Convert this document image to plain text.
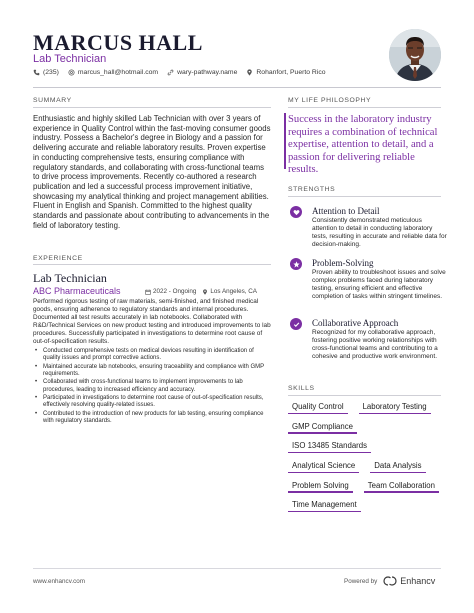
MARCUS HALL
Lab Technician
(235)	marcus_hall@hotmail.com	wary-pathway.name	Rohanfort, Puerto Rico
SUMMARY
Enthusiastic and highly skilled Lab Technician with over 3 years of experience in Quality Control within the fast-moving consumer goods industry. Possess a Bachelor's degree in Biology and a passion for delivering accurate and reliable laboratory results. Proven expertise in conducting comprehensive tests, ensuring compliance with regulatory standards, and collaborating with cross-functional teams to drive process improvements. Recently co-authored a research publication and led a successful process improvement initiative, showcasing my analytical thinking and project management abilities. Fluent in English and Spanish. Committed to the highest quality standards and passionate about contributing to advancements in the field of laboratory testing.
EXPERIENCE
Lab Technician
ABC Pharmaceuticals	2022 - Ongoing Los Angeles, CA
Performed rigorous testing of raw materials, semi-finished, and finished medical goods, ensuring adherence to regulatory standards and internal procedures. Documented all test results accurately in lab notebooks. Collaborated with R&D/Technical Services on new product testing and introduced improvements to lab procedures. Successfully participated in investigations to determine root cause of out-of-specification results.
• Conducted comprehensive tests on medical devices resulting in identification of quality issues and prompt corrective actions.
• Maintained accurate lab notebooks, ensuring traceability and compliance with GMP requirements.
• Collaborated with cross-functional teams to implement improvements to lab procedures, leading to increased efficiency and accuracy.
• Participated in investigations to determine root cause of out-of-specification results, effectively resolving quality-related issues.
• Contributed to the introduction of new products for lab testing, ensuring compliance with regulatory standards.
MY LIFE PHILOSOPHY
Success in the laboratory industry requires a combination of technical expertise, attention to detail, and a passion for delivering reliable results.
STRENGTHS
Attention to Detail
Consistently demonstrated meticulous attention to detail in conducting laboratory tests, resulting in accurate and reliable data for decision-making.
Problem-Solving
Proven ability to troubleshoot issues and solve complex problems faced during laboratory testing, ensuring efficient and effective completion of tasks within stringent timelines.
Collaborative Approach
Recognized for my collaborative approach, fostering positive working relationships with cross-functional teams and contributing to a cohesive and productive work environment.
SKILLS
Quality Control	Laboratory Testing
GMP Compliance
ISO 13485 Standards
Analytical Science	Data Analysis
Problem Solving	Team Collaboration
Time Management
www.enhancv.com	Powered by	Enhancv
